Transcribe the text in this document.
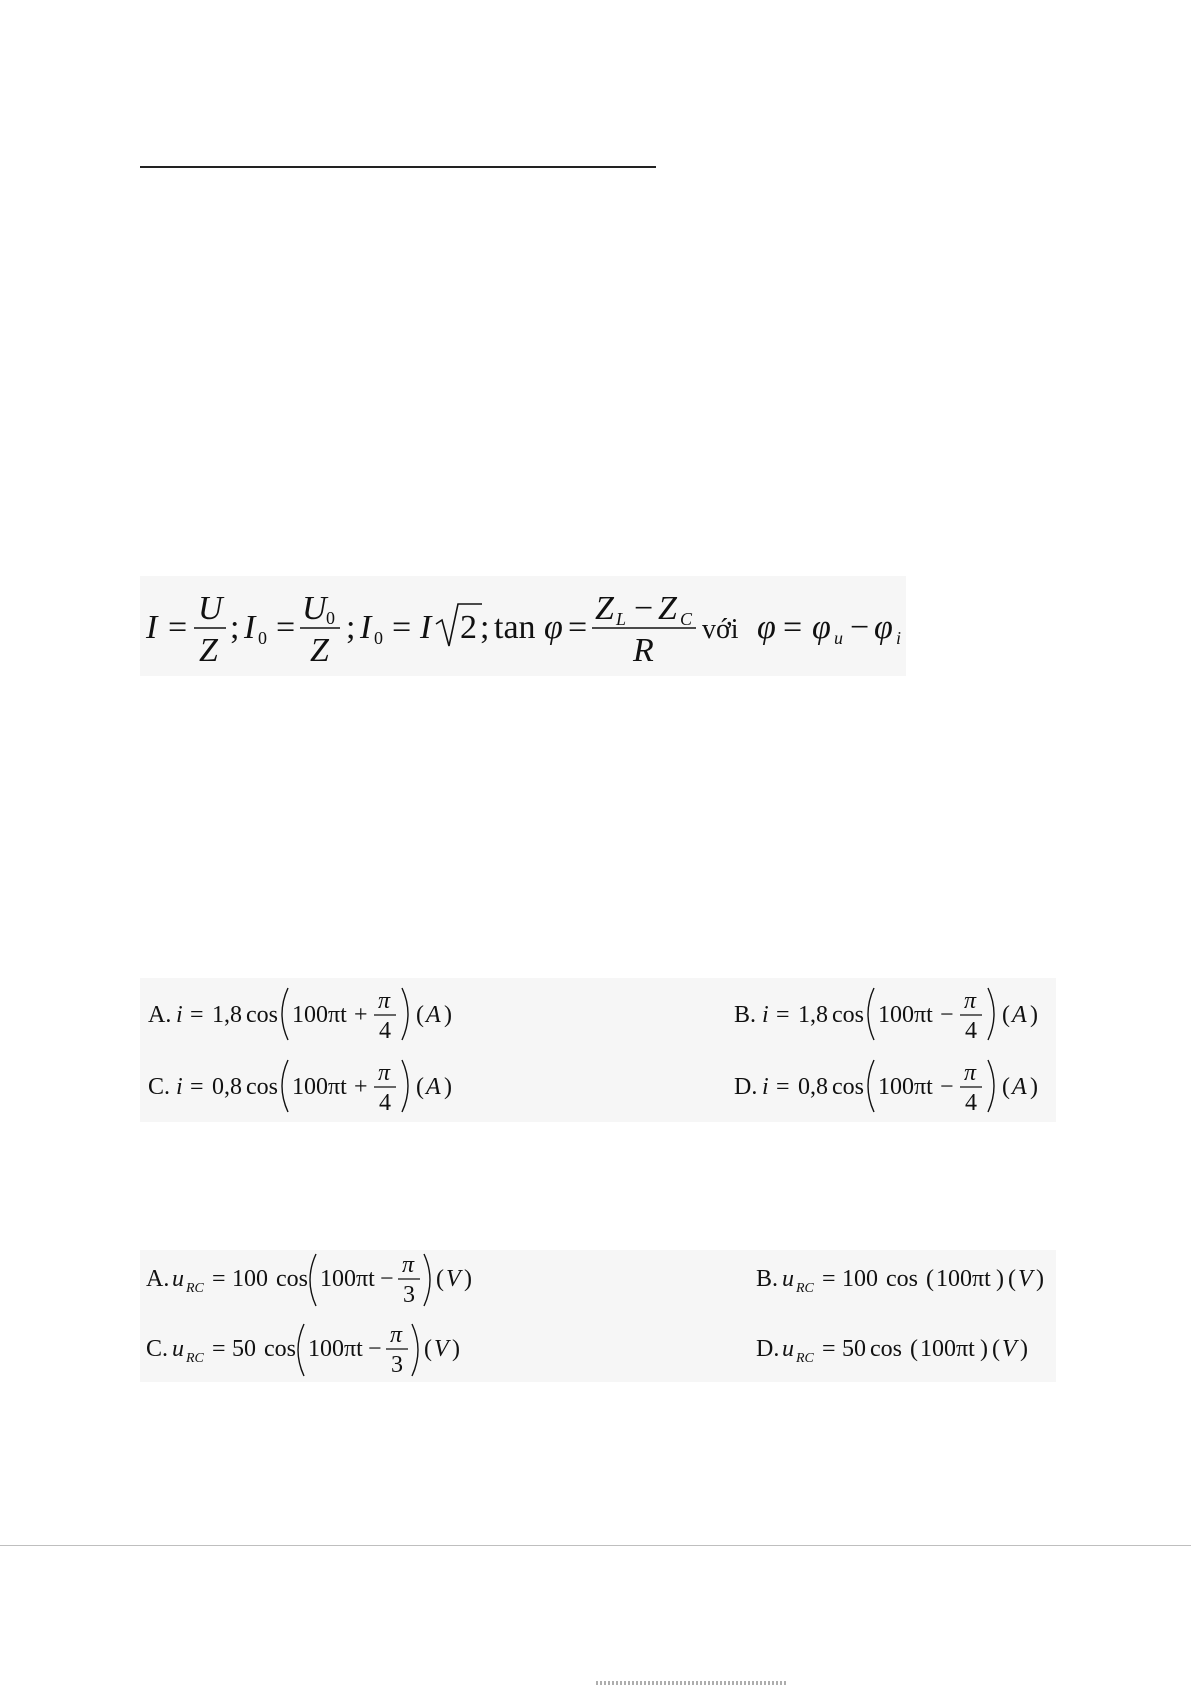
I =
U
Z
; I 0 =
U 0
Z
; I 0 = I 2 ; tan φ =
Z L − Z C
R
với φ = φ u − φ i
A. i = 1,8 cos 100πt +
π
4
( A )	B. i = 1,8 cos 100πt −
π
4
( A )
C. i = 0,8 cos 100πt +
π
4
( A )	D. i = 0,8 cos 100πt −
π
4
( A )
A. u RC = 100 cos 100πt −
π
3
( V )	B. u RC = 100 cos ( 100πt ) ( V )
C. u RC = 50 cos 100πt −
π
3
( V )	D. u RC = 50 cos ( 100πt ) ( V )
